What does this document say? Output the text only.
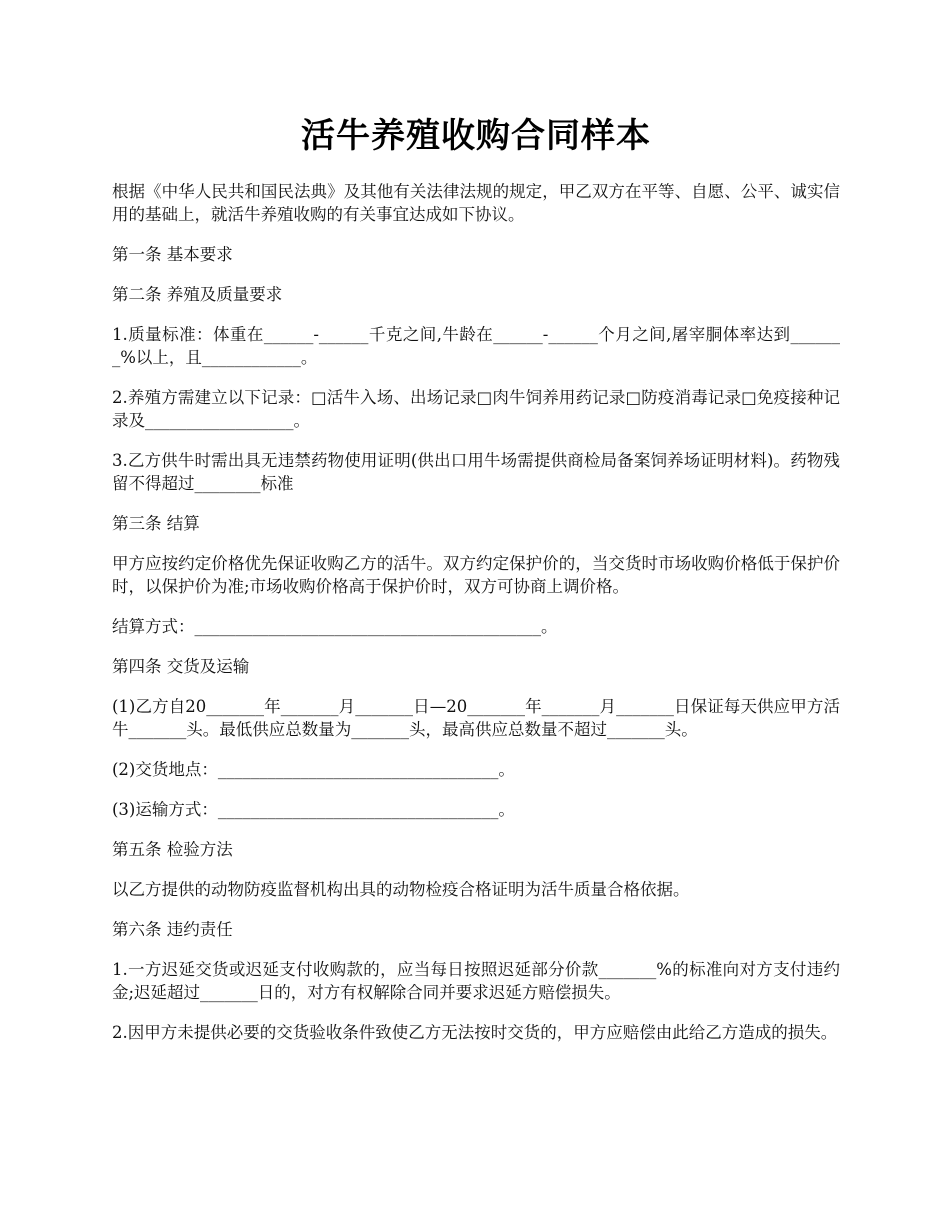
活牛养殖收购合同样本

根据《中华人民共和国民法典》及其他有关法律法规的规定，甲乙双方在平等、自愿、公平、诚实信用的基础上，就活牛养殖收购的有关事宜达成如下协议。

第一条 基本要求

第二条 养殖及质量要求

1.质量标准：体重在______-______千克之间,牛龄在______-______个月之间,屠宰胴体率达到_______%以上，且____________。

2.养殖方需建立以下记录：□活牛入场、出场记录□肉牛饲养用药记录□防疫消毒记录□免疫接种记录及__________________。

3.乙方供牛时需出具无违禁药物使用证明(供出口用牛场需提供商检局备案饲养场证明材料)。药物残留不得超过________标准

第三条 结算

甲方应按约定价格优先保证收购乙方的活牛。双方约定保护价的，当交货时市场收购价格低于保护价时，以保护价为准;市场收购价格高于保护价时，双方可协商上调价格。

结算方式：__________________________________________。

第四条 交货及运输

(1)乙方自20_______年_______月_______日—20_______年_______月_______日保证每天供应甲方活牛_______头。最低供应总数量为_______头，最高供应总数量不超过_______头。

(2)交货地点：__________________________________。

(3)运输方式：__________________________________。

第五条 检验方法

以乙方提供的动物防疫监督机构出具的动物检疫合格证明为活牛质量合格依据。

第六条 违约责任

1.一方迟延交货或迟延支付收购款的，应当每日按照迟延部分价款_______%的标准向对方支付违约金;迟延超过_______日的，对方有权解除合同并要求迟延方赔偿损失。

2.因甲方未提供必要的交货验收条件致使乙方无法按时交货的，甲方应赔偿由此给乙方造成的损失。
